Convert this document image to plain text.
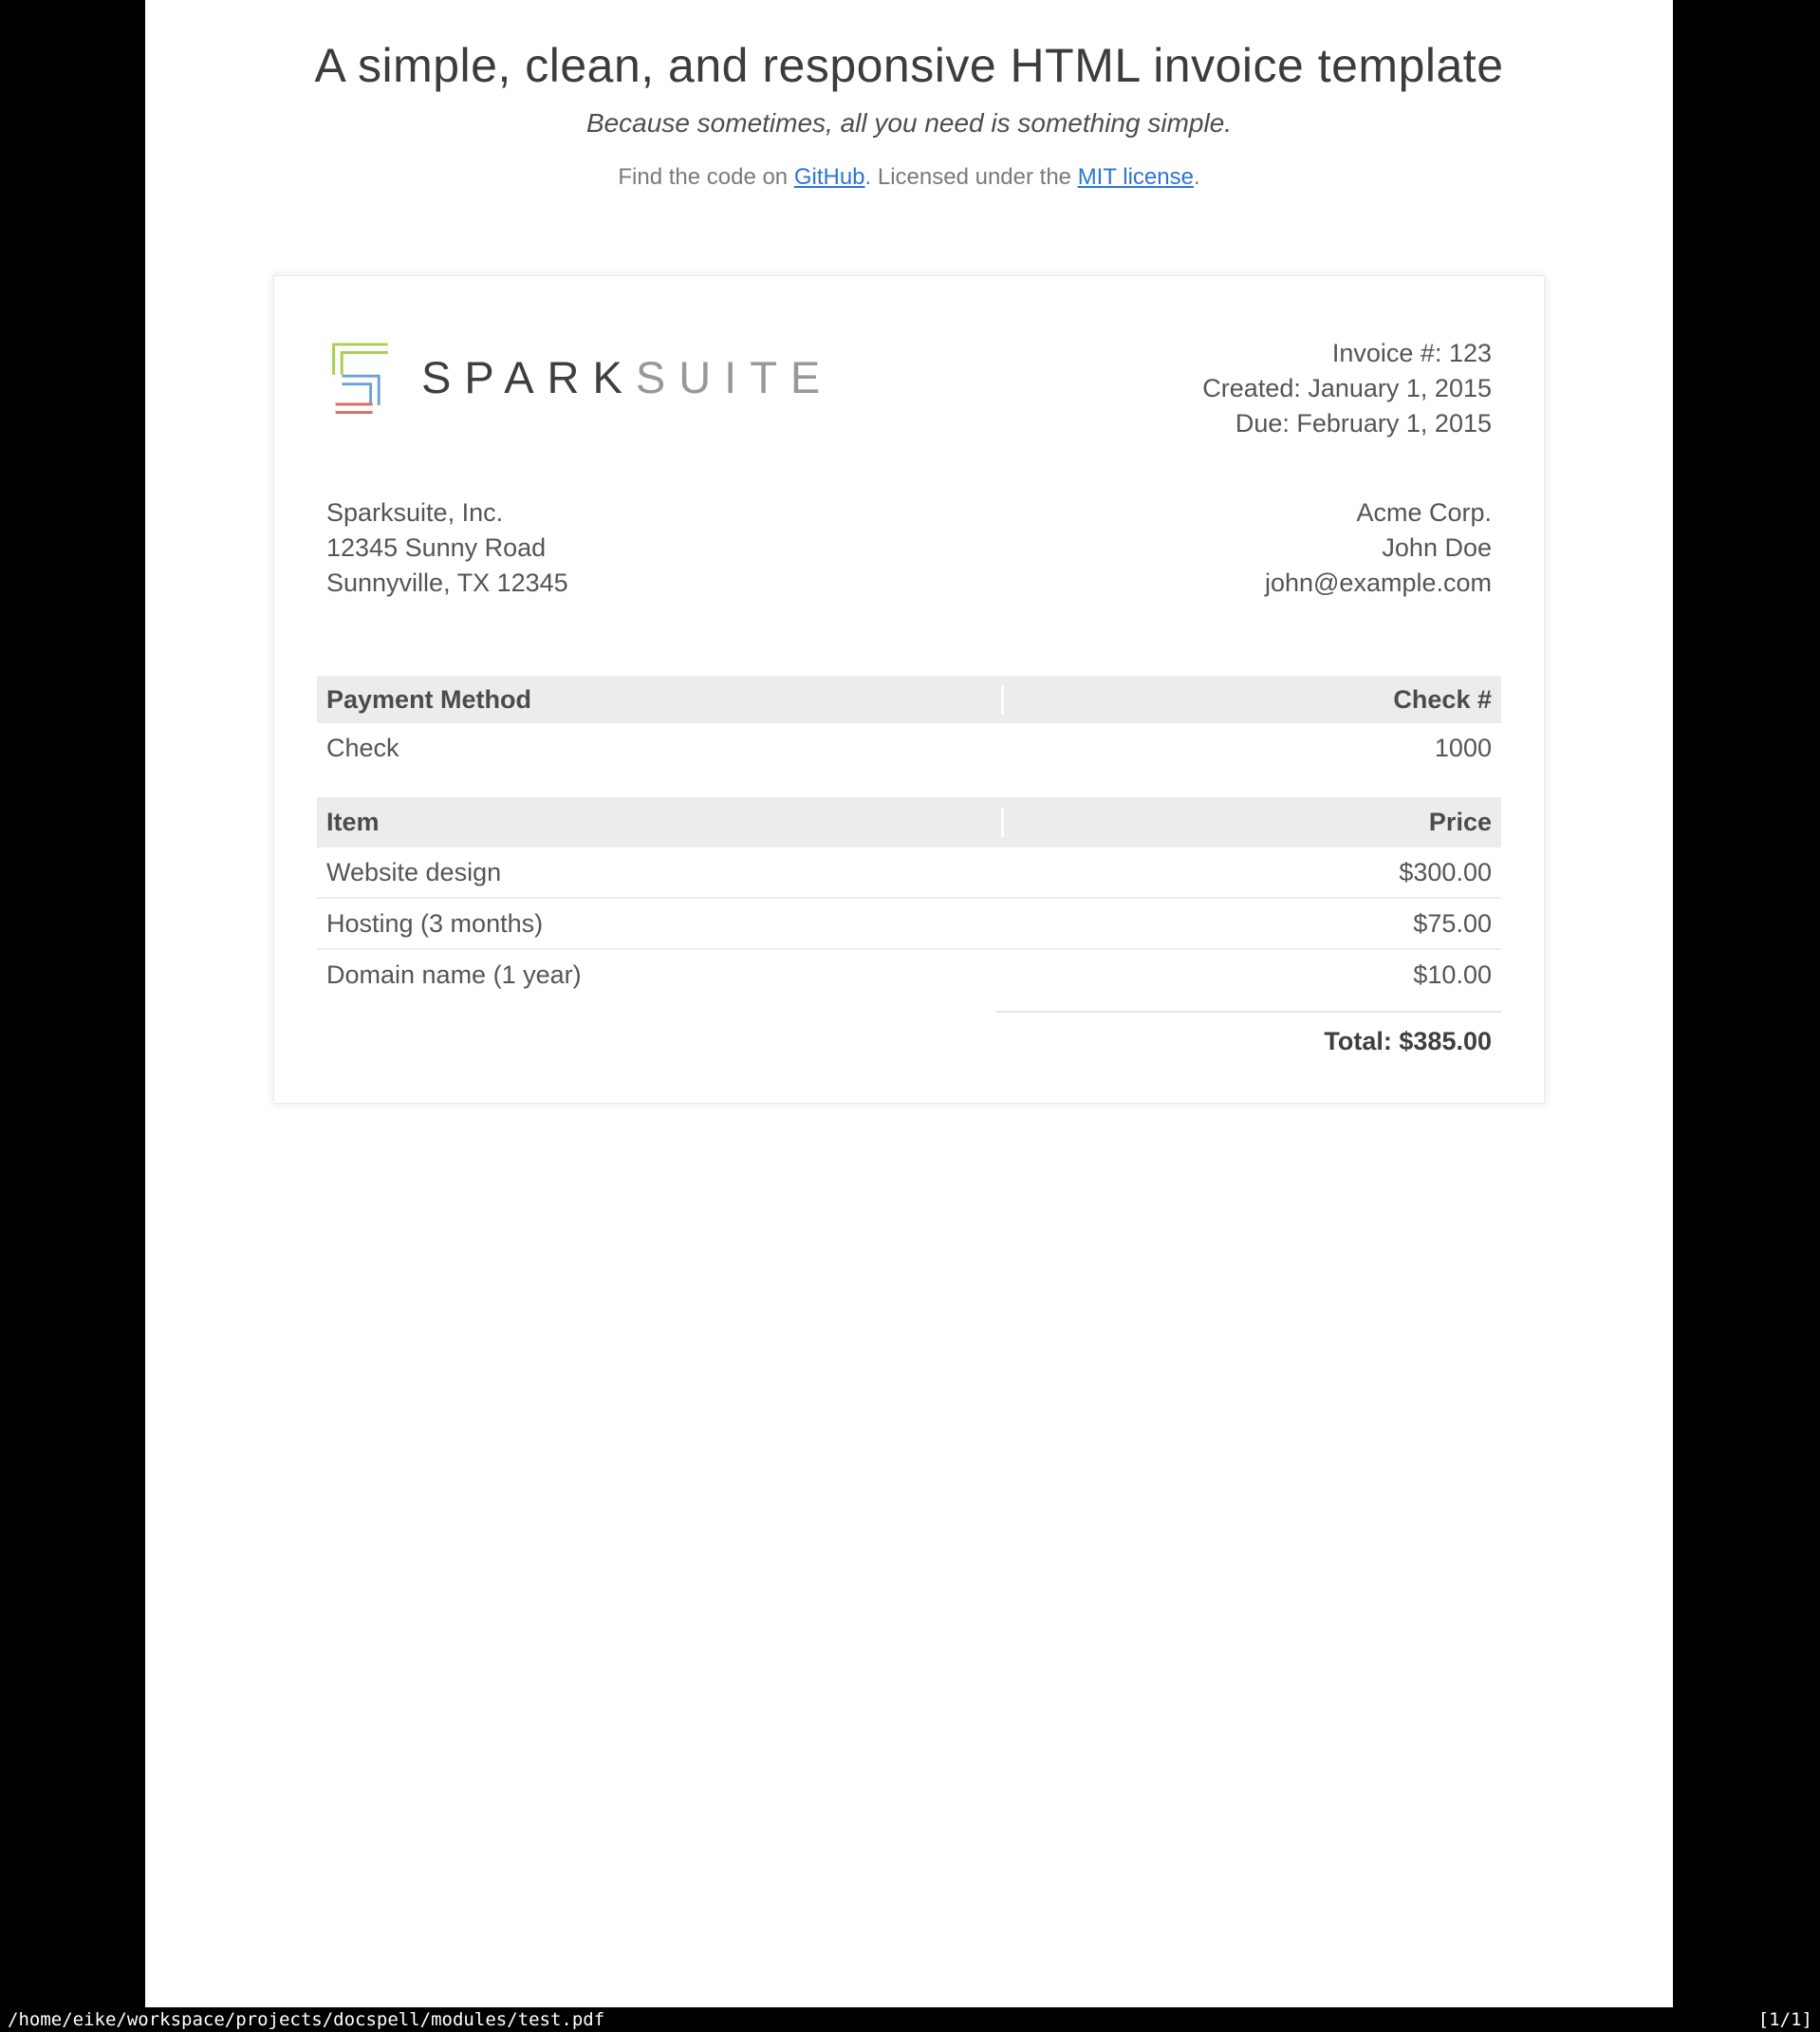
A simple, clean, and responsive HTML invoice template
Because sometimes, all you need is something simple.
Find the code on GitHub. Licensed under the MIT license.
SPARKSUITE	Invoice #: 123
Created: January 1, 2015
Due: February 1, 2015
Sparksuite, Inc.
12345 Sunny Road
Sunnyville, TX 12345
Acme Corp.
John Doe
john@example.com
Payment Method	Check #
Check	1000
Item	Price
Website design	$300.00
Hosting (3 months)	$75.00
Domain name (1 year)	$10.00
Total: $385.00
/home/eike/workspace/projects/docspell/modules/test.pdf	[1/1]
